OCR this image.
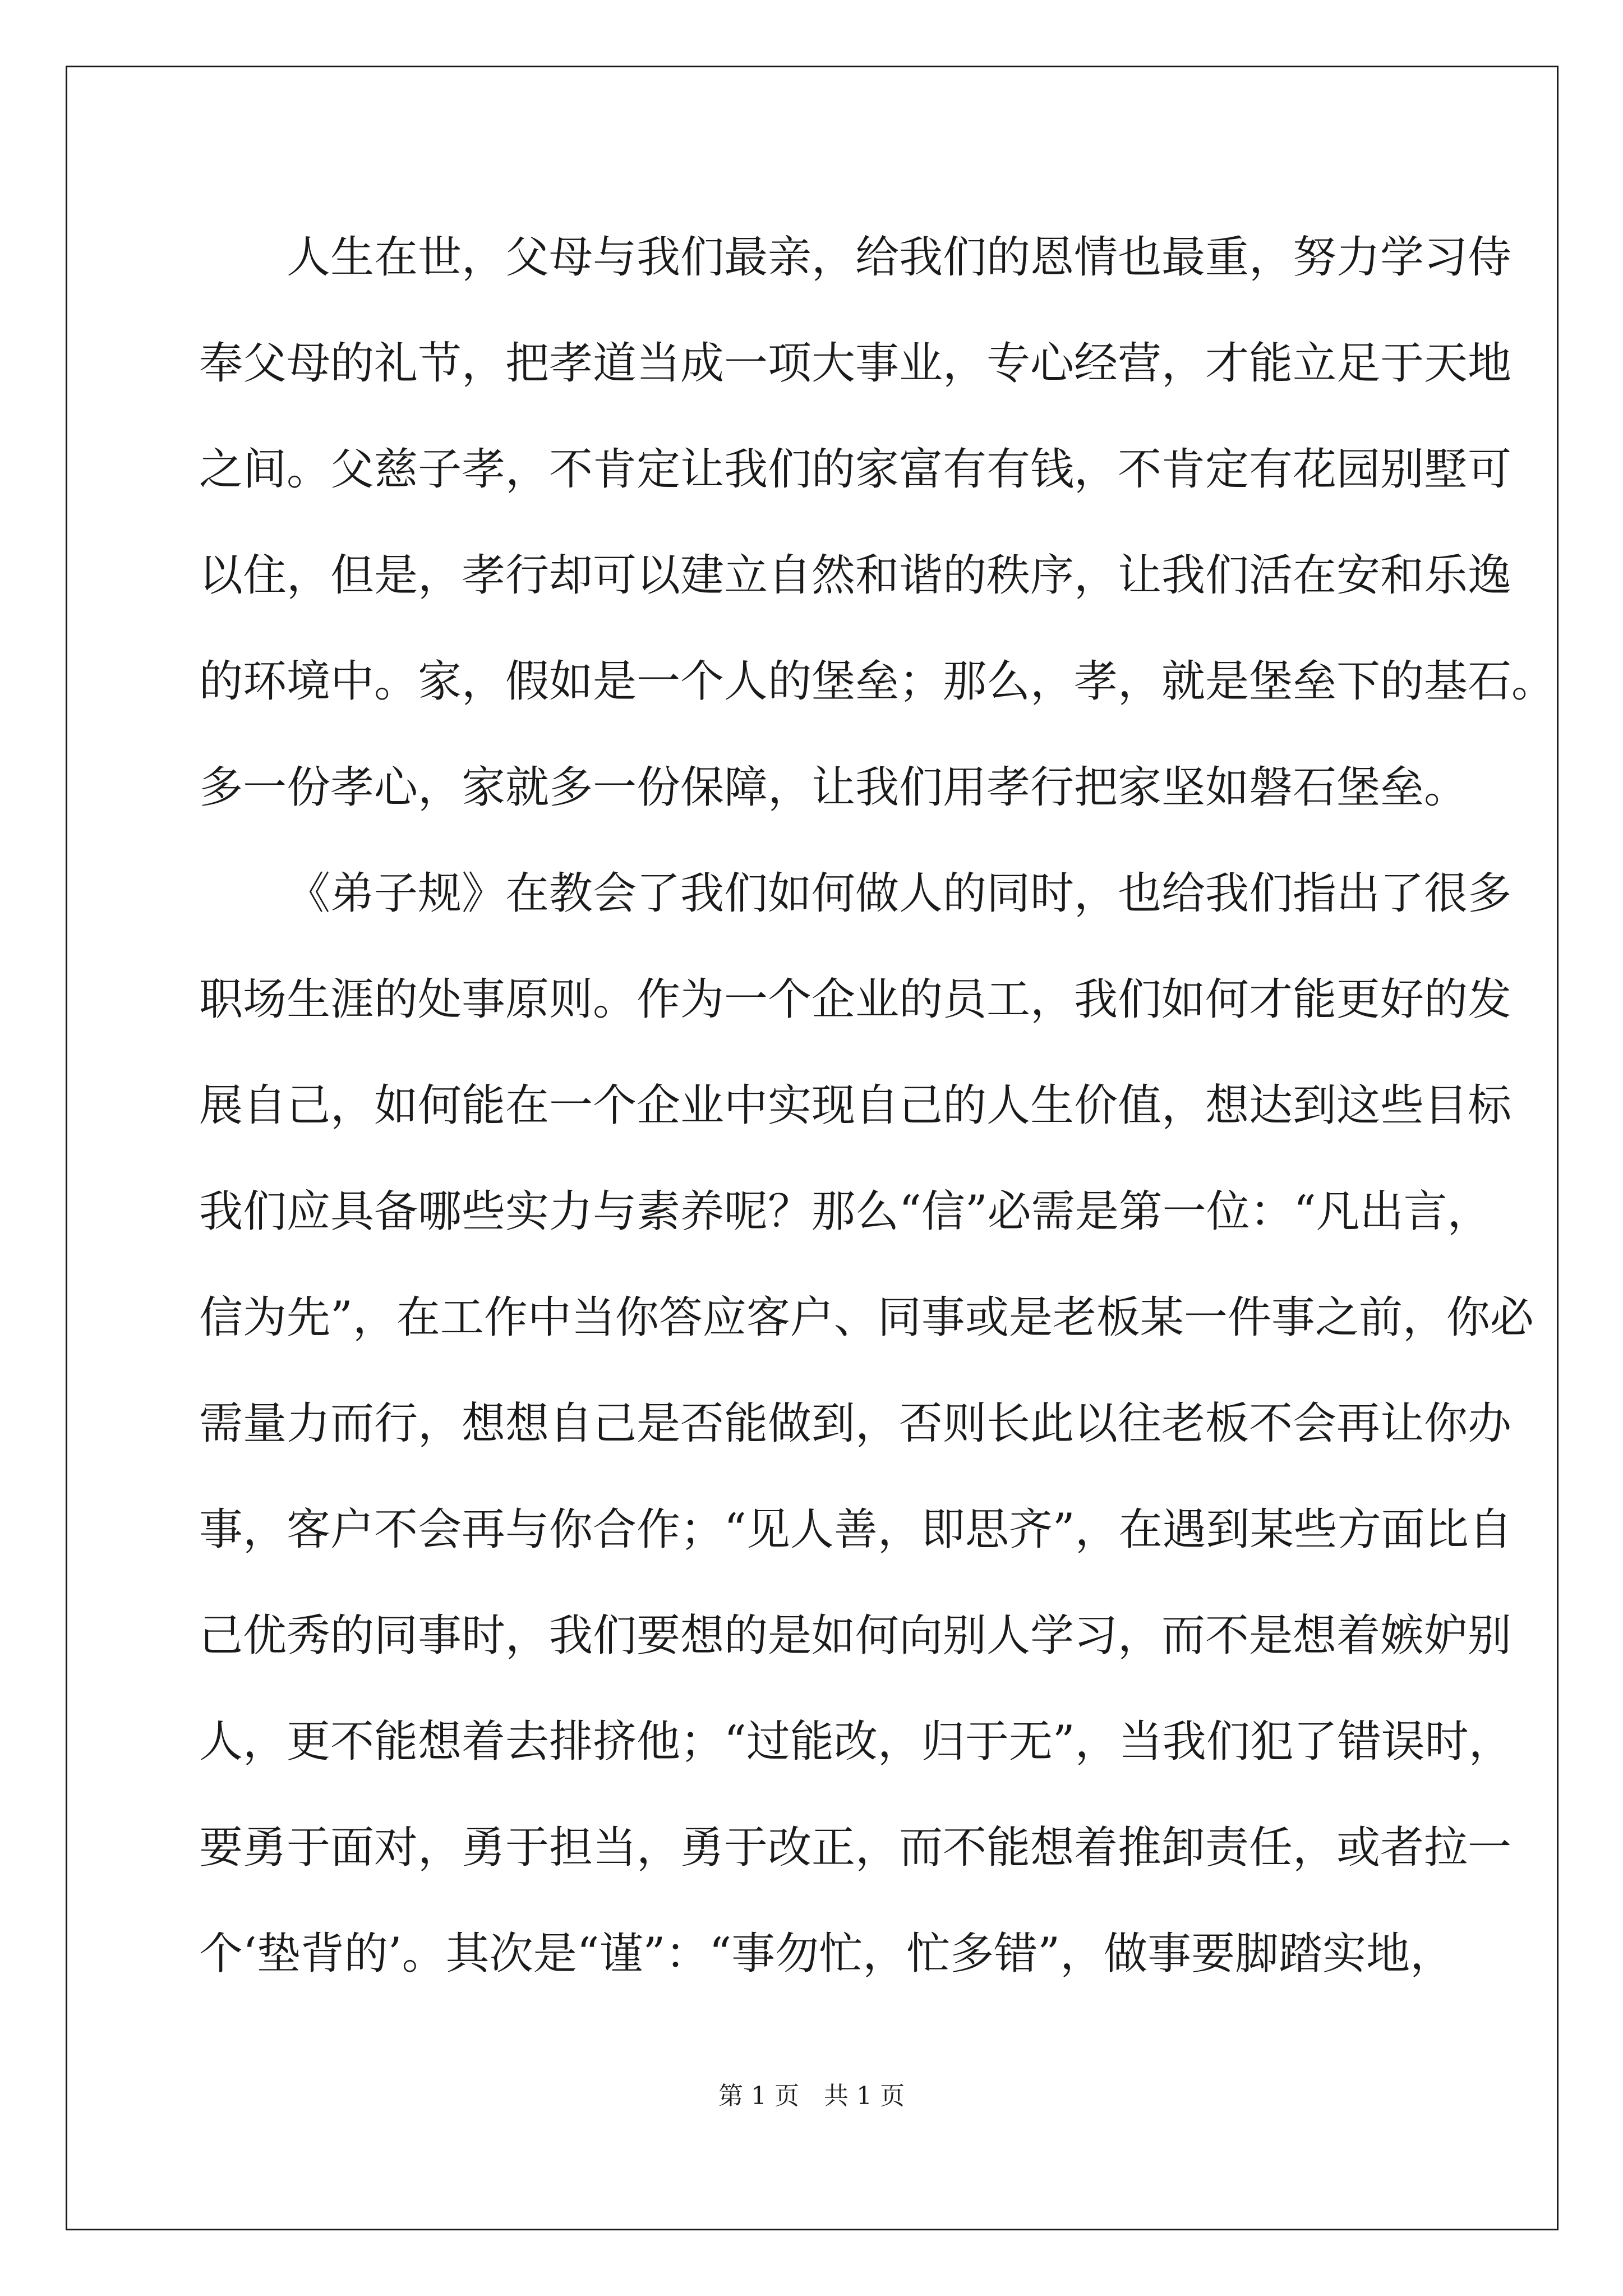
人生在世，父母与我们最亲，给我们的恩情也最重，努力学习侍
奉父母的礼节，把孝道当成一项大事业，专心经营，才能立足于天地
之间。父慈子孝，不肯定让我们的家富有有钱，不肯定有花园别墅可
以住，但是，孝行却可以建立自然和谐的秩序，让我们活在安和乐逸
的环境中。家，假如是一个人的堡垒；那么，孝，就是堡垒下的基石。
多一份孝心，家就多一份保障，让我们用孝行把家坚如磐石堡垒。
《弟子规》在教会了我们如何做人的同时，也给我们指出了很多
职场生涯的处事原则。作为一个企业的员工，我们如何才能更好的发
展自己，如何能在一个企业中实现自己的人生价值，想达到这些目标
我们应具备哪些实力与素养呢？那么“信”必需是第一位：“凡出言，
信为先”，在工作中当你答应客户、同事或是老板某一件事之前，你必
需量力而行，想想自己是否能做到，否则长此以往老板不会再让你办
事，客户不会再与你合作；“见人善，即思齐”，在遇到某些方面比自
己优秀的同事时，我们要想的是如何向别人学习，而不是想着嫉妒别
人，更不能想着去排挤他；“过能改，归于无”，当我们犯了错误时，
要勇于面对，勇于担当，勇于改正，而不能想着推卸责任，或者拉一
个‘垫背的’。其次是“谨”：“事勿忙，忙多错”，做事要脚踏实地，
第 1 页　共 1 页
